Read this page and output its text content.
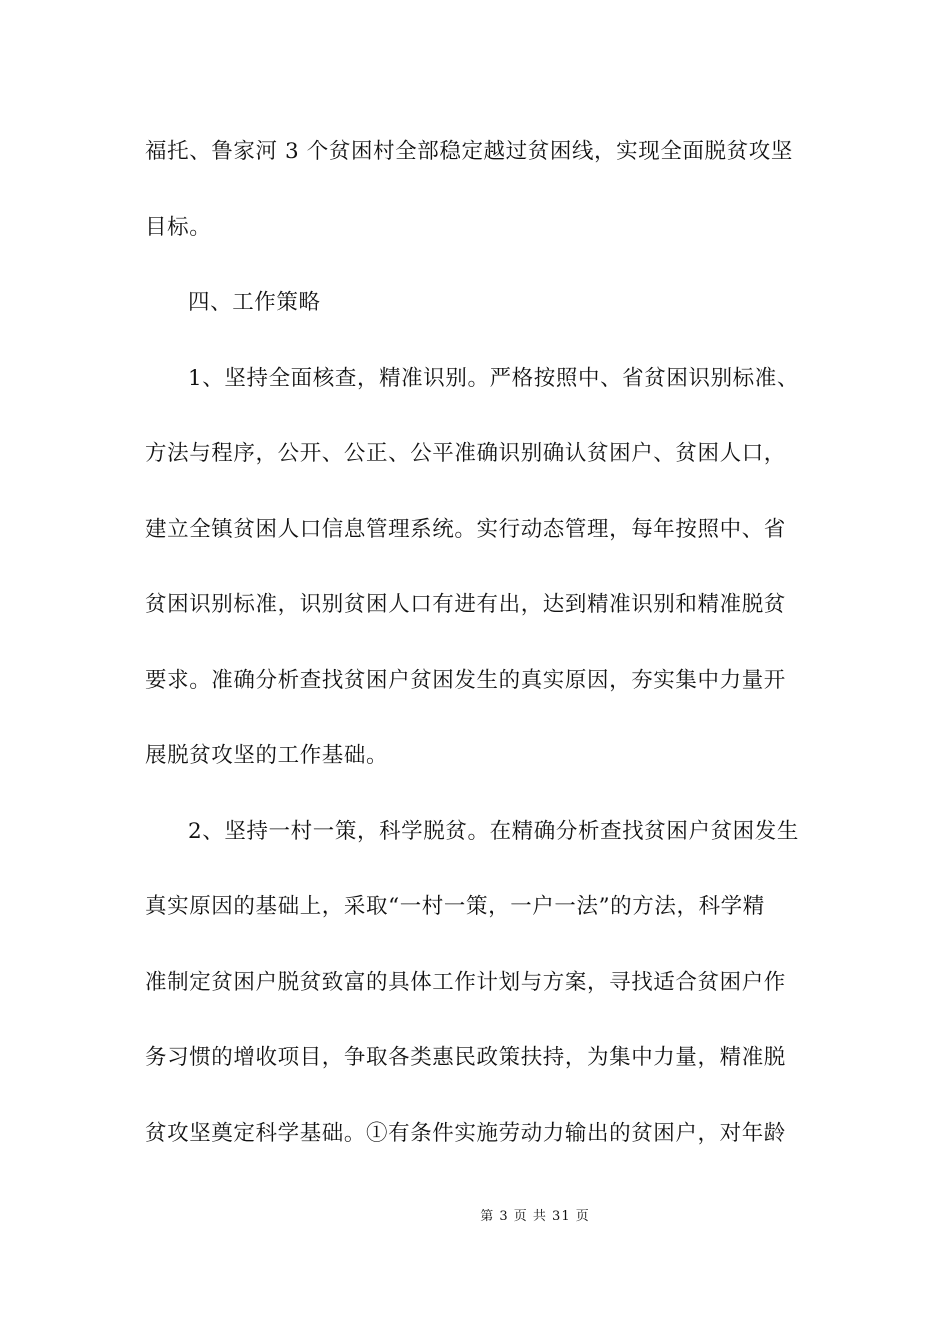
福托、鲁家河 3 个贫困村全部稳定越过贫困线，实现全面脱贫攻坚
目标。
四、工作策略
1、坚持全面核查，精准识别。严格按照中、省贫困识别标准、
方法与程序，公开、公正、公平准确识别确认贫困户、贫困人口，
建立全镇贫困人口信息管理系统。实行动态管理，每年按照中、省
贫困识别标准，识别贫困人口有进有出，达到精准识别和精准脱贫
要求。准确分析查找贫困户贫困发生的真实原因，夯实集中力量开
展脱贫攻坚的工作基础。
2、坚持一村一策，科学脱贫。在精确分析查找贫困户贫困发生
真实原因的基础上，采取“一村一策，一户一法”的方法，科学精
准制定贫困户脱贫致富的具体工作计划与方案，寻找适合贫困户作
务习惯的增收项目，争取各类惠民政策扶持，为集中力量，精准脱
贫攻坚奠定科学基础。①有条件实施劳动力输出的贫困户，对年龄
第 3 页 共 31 页
